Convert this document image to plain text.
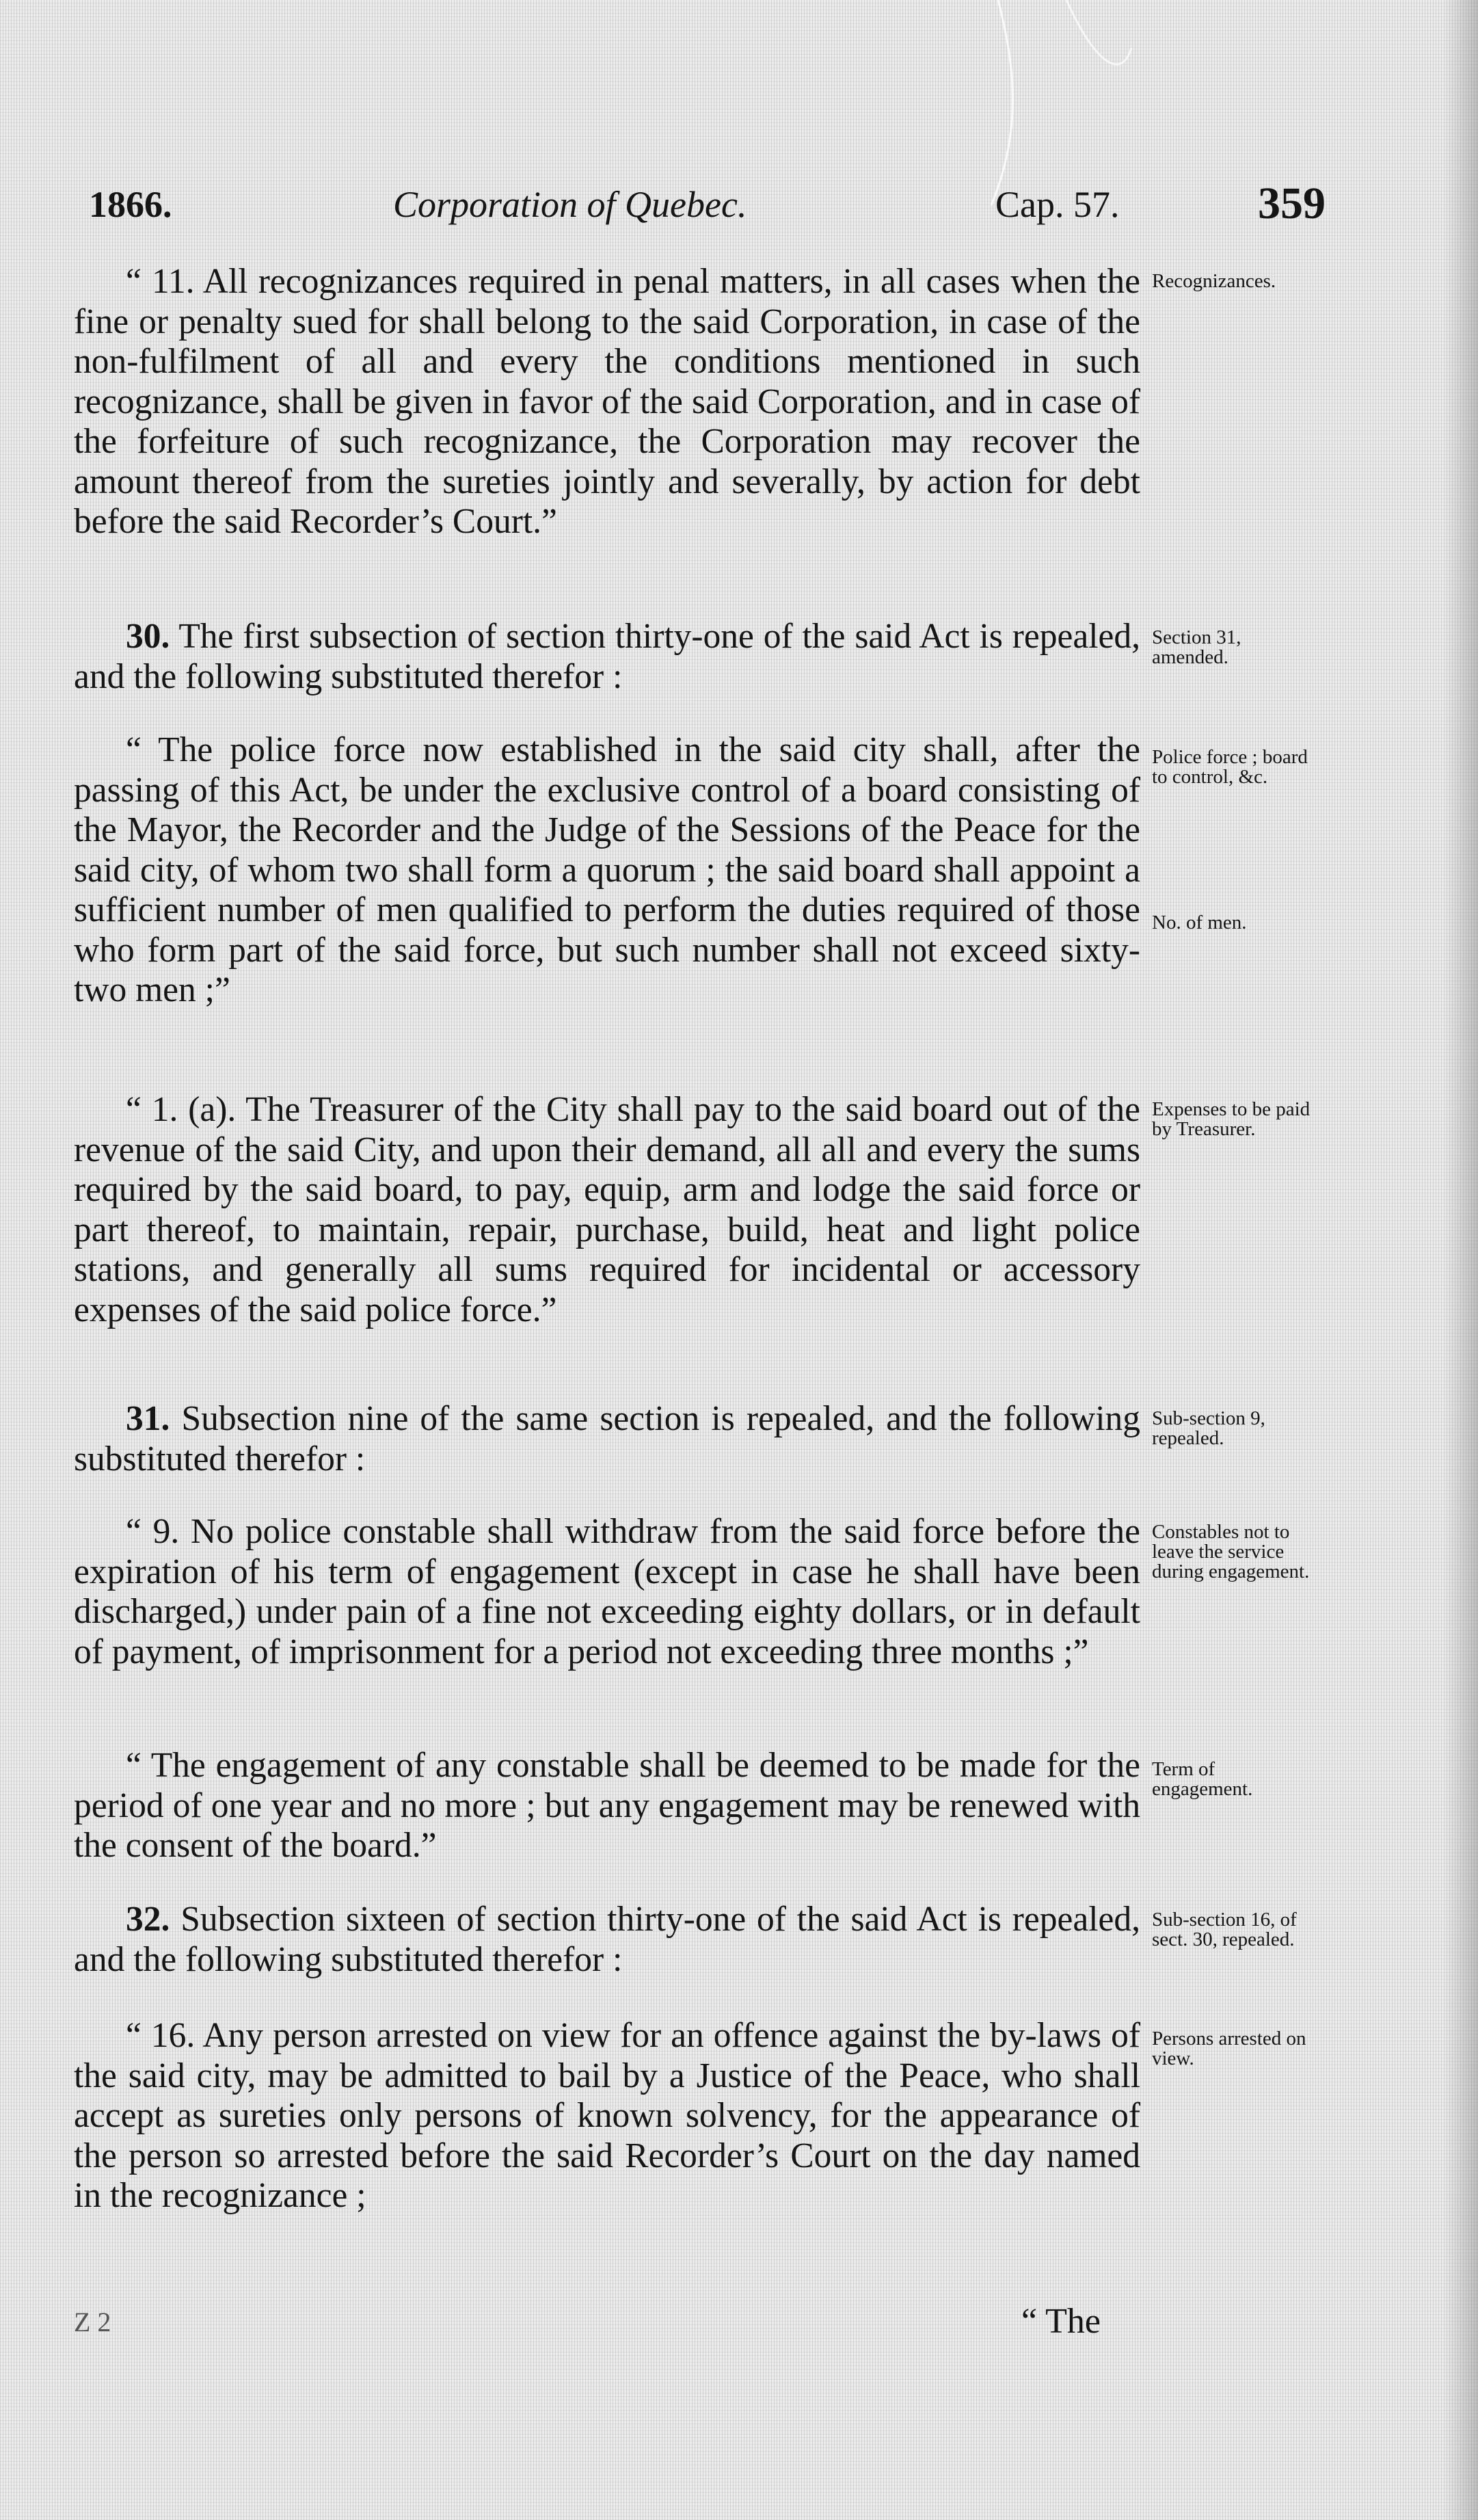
1866.	Corporation of Quebec.	Cap. 57.	359

“ 11. All recognizances required in penal matters, in all cases when the fine or penalty sued for shall belong to the said Corporation, in case of the non-fulfilment of all and every the conditions mentioned in such recognizance, shall be given in favor of the said Corporation, and in case of the forfeiture of such recognizance, the Corporation may recover the amount thereof from the sureties jointly and severally, by action for debt before the said Recorder’s Court.”

30. The first subsection of section thirty-one of the said Act is repealed, and the following substituted therefor :

“ The police force now established in the said city shall, after the passing of this Act, be under the exclusive control of a board consisting of the Mayor, the Recorder and the Judge of the Sessions of the Peace for the said city, of whom two shall form a quorum ; the said board shall appoint a sufficient number of men qualified to perform the duties required of those who form part of the said force, but such number shall not exceed sixty-two men ;”

“ 1. (a). The Treasurer of the City shall pay to the said board out of the revenue of the said City, and upon their demand, all all and every the sums required by the said board, to pay, equip, arm and lodge the said force or part thereof, to maintain, repair, purchase, build, heat and light police stations, and generally all sums required for incidental or accessory expenses of the said police force.”

31. Subsection nine of the same section is repealed, and the following substituted therefor :

“ 9. No police constable shall withdraw from the said force before the expiration of his term of engagement (except in case he shall have been discharged,) under pain of a fine not exceeding eighty dollars, or in default of payment, of imprisonment for a period not exceeding three months ;”

“ The engagement of any constable shall be deemed to be made for the period of one year and no more ; but any engagement may be renewed with the consent of the board.”

32. Subsection sixteen of section thirty-one of the said Act is repealed, and the following substituted therefor :

“ 16. Any person arrested on view for an offence against the by-laws of the said city, may be admitted to bail by a Justice of the Peace, who shall accept as sureties only persons of known solvency, for the appearance of the person so arrested before the said Recorder’s Court on the day named in the recognizance ;

Recognizances.

Section 31, amended.

Police force ; board to control, &c.

No. of men.

Expenses to be paid by Treasurer.

Sub-section 9, repealed.

Constables not to leave the service during engagement.

Term of engagement.

Sub-section 16, of sect. 30, repealed.

Persons arrested on view.

Z 2	“ The
